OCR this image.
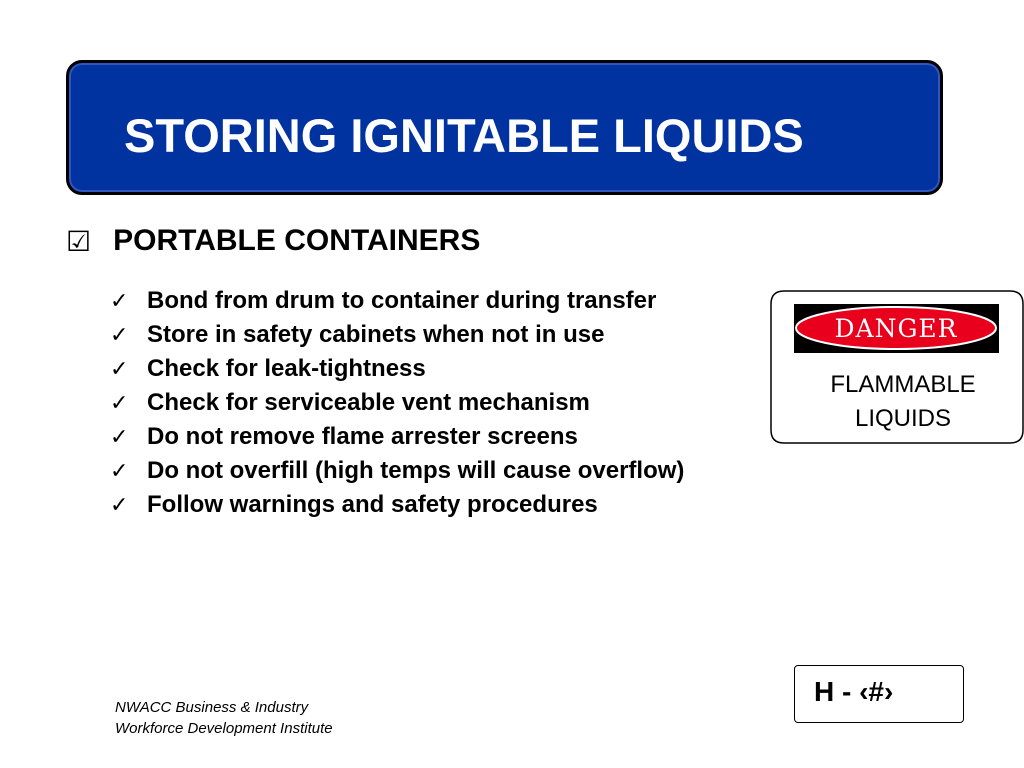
STORING IGNITABLE LIQUIDS
☑ PORTABLE CONTAINERS
✓ Bond from drum to container during transfer
✓ Store in safety cabinets when not in use
✓ Check for leak-tightness
✓ Check for serviceable vent mechanism
✓ Do not remove flame arrester screens
✓ Do not overfill (high temps will cause overflow)
✓ Follow warnings and safety procedures
DANGER
FLAMMABLE
LIQUIDS
H - ‹#›
NWACC Business & Industry
Workforce Development Institute
